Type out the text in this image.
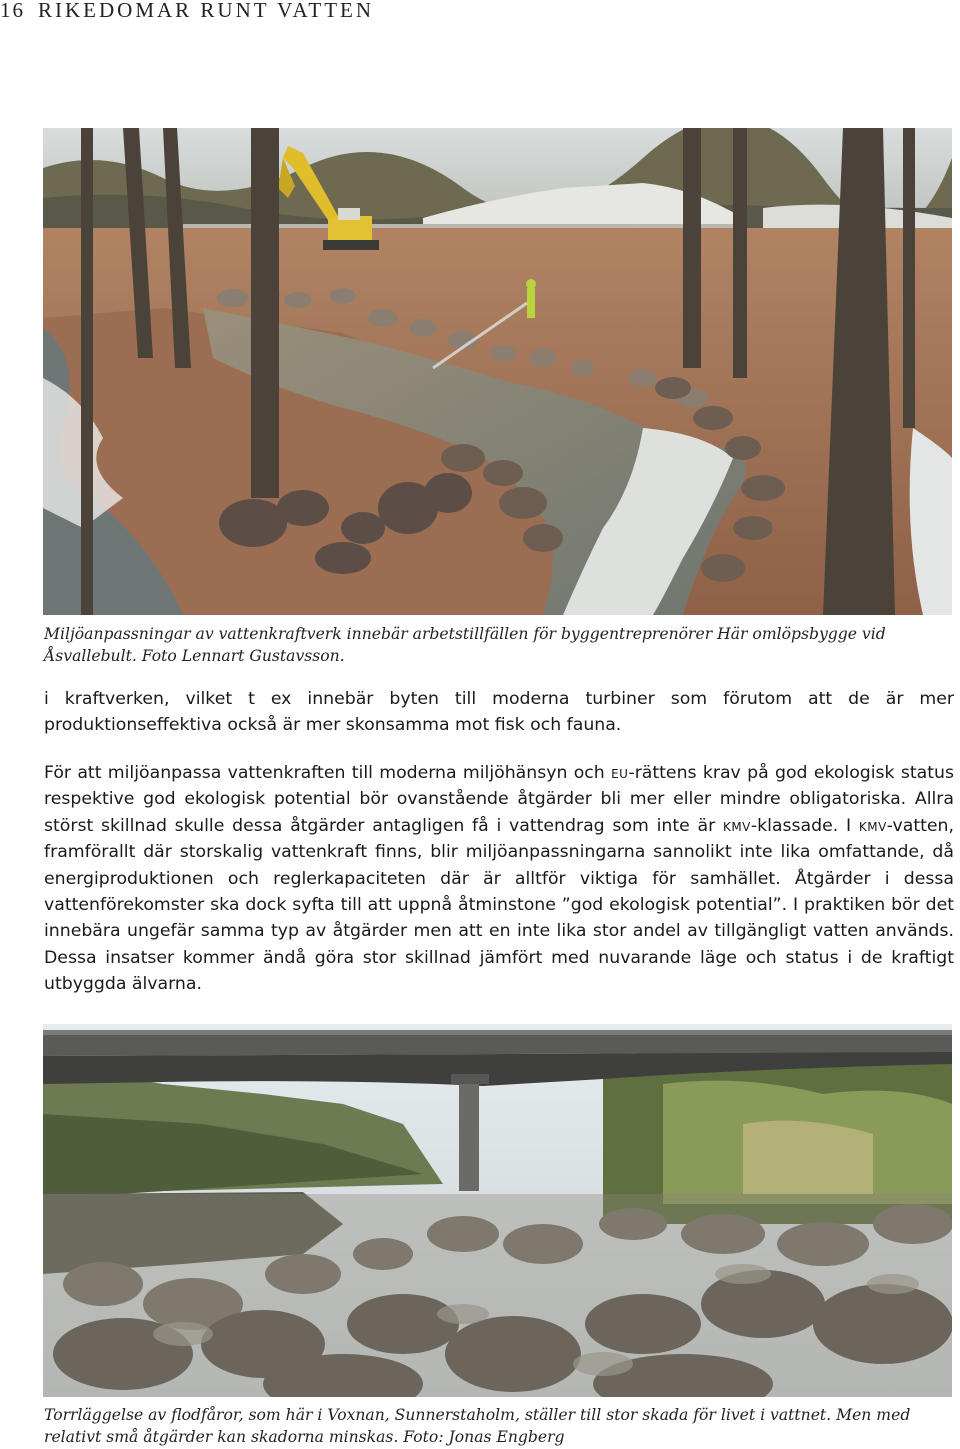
16 RIKEDOMAR RUNT VATTEN
Miljöanpassningar av vattenkraftverk innebär arbetstillfällen för byggentreprenörer Här omlöpsbygge vid Åsvallebult. Foto Lennart Gustavsson.

i kraftverken, vilket t ex innebär byten till moderna turbiner som förutom att de är mer produktionseffektiva också är mer skonsamma mot fisk och fauna.

För att miljöanpassa vattenkraften till moderna miljöhänsyn och eu-rättens krav på god ekologisk status respektive god ekologisk potential bör ovanstående åtgärder bli mer eller mindre obligatoriska. Allra störst skillnad skulle dessa åtgärder antagligen få i vattendrag som inte är kmv-klassade. I kmv-vatten, framförallt där storskalig vattenkraft finns, blir miljöanpassningarna sannolikt inte lika omfattande, då energiproduktionen och reglerkapaciteten där är alltför viktiga för samhället. Åtgärder i dessa vattenförekomster ska dock syfta till att uppnå åtminstone ”god ekologisk potential”. I praktiken bör det innebära ungefär samma typ av åtgärder men att en inte lika stor andel av tillgängligt vatten används. Dessa insatser kommer ändå göra stor skillnad jämfört med nuvarande läge och status i de kraftigt utbyggda älvarna.

Torrläggelse av flodfåror, som här i Voxnan, Sunnerstaholm, ställer till stor skada för livet i vattnet. Men med relativt små åtgärder kan skadorna minskas. Foto: Jonas Engberg
